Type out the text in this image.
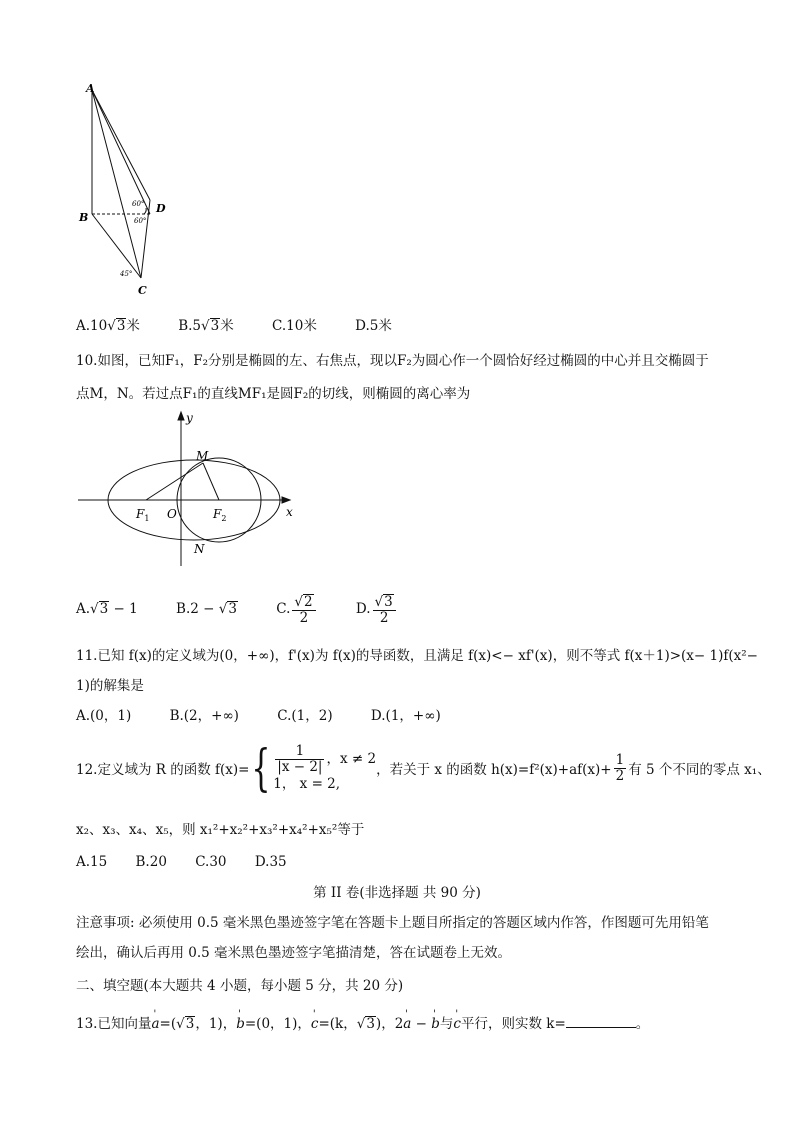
A
B
C
D
60°
60°
45°
A.10√3米	B.5√3米	C.10米	D.5米
10.如图，已知F₁，F₂分别是椭圆的左、右焦点，现以F₂为圆心作一个圆恰好经过椭圆的中心并且交椭圆于
点M，N。若过点F₁的直线MF₁是圆F₂的切线，则椭圆的离心率为
y
x
M
N
O
$F_1$	$F_2$
A.√3 − 1	B.2 − √3	C. $\frac{√2}{2}$	D. $\frac{√3}{2}$
11.已知 f(x)的定义域为(0，+∞)，f'(x)为 f(x)的导函数，且满足 f(x)<− xf'(x)，则不等式 f(x＋1)>(x− 1)f(x²−
1)的解集是
A.(0，1)	B.(2，+∞)	C.(1，2)	D.(1，+∞)
12.定义域为 R 的函数 f(x)= { $\frac{1}{|x - 2|}$ ，x ≠ 2
1， x = 2,
，若关于 x 的函数 $h(x)=f^2(x)+af(x)+ \frac{1}{2}$ 有 5 个不同的零点 x₁、
x₂、x₃、x₄、x₅，则 x₁²+x₂²+x₃²+x₄²+x₅²等于
A.15 B.20 C.30 D.35
第 II 卷(非选择题 共 90 分)
注意事项: 必须使用 0.5 毫米黑色墨迹签字笔在答题卡上题目所指定的答题区域内作答，作图题可先用铅笔
绘出，确认后再用 0.5 毫米黑色墨迹签字笔描清楚，答在试题卷上无效。
二、填空题(本大题共 4 小题，每小题 5 分，共 20 分)
13.已知向量' a=(√3，1)，' b=(0，1)，' c=(k，√3)，2' a − ' b与' c平行，则实数 k=	。
